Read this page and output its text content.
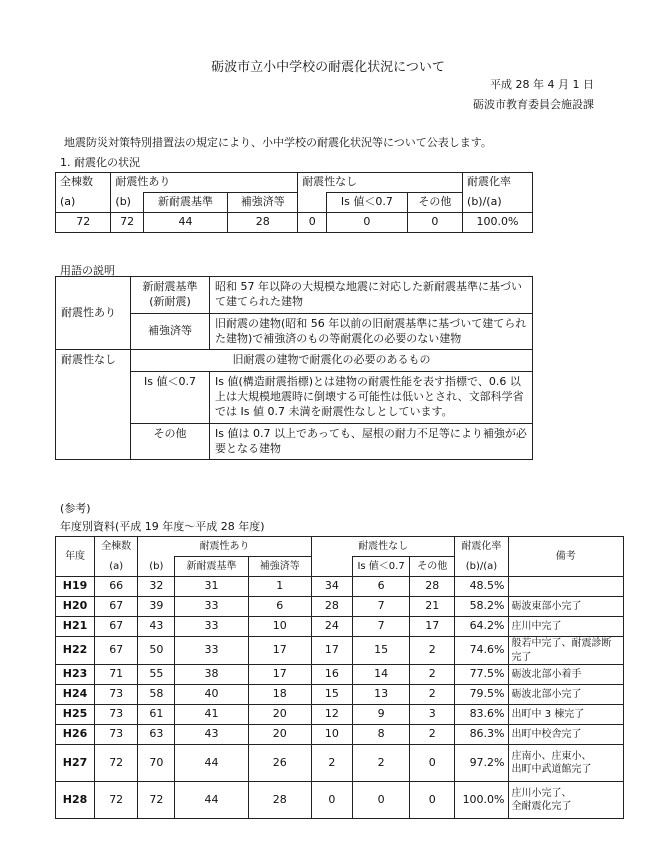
砺波市立小中学校の耐震化状況について
平成 28 年 4 月 1 日
砺波市教育委員会施設課
地震防災対策特別措置法の規定により、小中学校の耐震化状況等について公表します。
1. 耐震化の状況
全棟数	耐震性あり			耐震性なし			耐震化率
(a)	(b)	新耐震基準	補強済等		Is 値＜0.7	その他	(b)/(a)
72	72	44	28	0	0	0	100.0%
用語の説明
耐震性あり	新耐震基準
(新耐震)	昭和 57 年以降の大規模な地震に対応した新耐震基準に基づいて建てられた建物
	補強済等	旧耐震の建物(昭和 56 年以前の旧耐震基準に基づいて建てられた建物)で補強済のもの等耐震化の必要のない建物
耐震性なし	旧耐震の建物で耐震化の必要のあるもの	
	Is 値＜0.7	Is 値(構造耐震指標)とは建物の耐震性能を表す指標で、0.6 以上は大規模地震時に倒壊する可能性は低いとされ、文部科学省では Is 値 0.7 未満を耐震性なしとしています。
	その他	Is 値は 0.7 以上であっても、屋根の耐力不足等により補強が必要となる建物
(参考)
年度別資料(平成 19 年度～平成 28 年度)
年度	全棟数	耐震性あり			耐震性なし			耐震化率	備考
	(a)	(b)	新耐震基準	補強済等		Is 値＜0.7	その他	(b)/(a)	
H19	66	32	31	1	34	6	28	48.5%	
H20	67	39	33	6	28	7	21	58.2%	砺波東部小完了
H21	67	43	33	10	24	7	17	64.2%	庄川中完了
H22	67	50	33	17	17	15	2	74.6%	般若中完了、耐震診断完了
H23	71	55	38	17	16	14	2	77.5%	砺波北部小着手
H24	73	58	40	18	15	13	2	79.5%	砺波北部小完了
H25	73	61	41	20	12	9	3	83.6%	出町中 3 棟完了
H26	73	63	43	20	10	8	2	86.3%	出町中校舎完了
H27	72	70	44	26	2	2	0	97.2%	庄南小、庄東小、
出町中武道館完了
H28	72	72	44	28	0	0	0	100.0%	庄川小完了、
全耐震化完了
